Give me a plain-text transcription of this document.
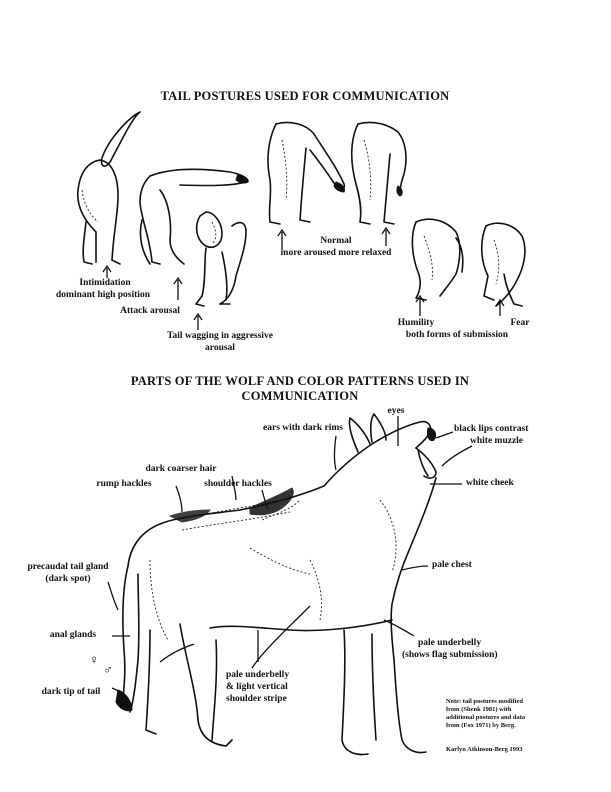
TAIL POSTURES USED FOR COMMUNICATION
Intimidation
dominant high position
Attack arousal
Tail wagging in aggressive
arousal
Normal
more aroused more relaxed
Humility
both forms of submission
Fear
PARTS OF THE WOLF AND COLOR PATTERNS USED IN
COMMUNICATION
eyes
ears with dark rims	black lips contrast
white muzzle
dark coarser hair
rump hackles	shoulder hackles	white cheek
precaudal tail gland
(dark spot)
pale chest
anal glands
pale underbelly
(shows flag submission)
♀
♂
dark tip of tail
pale underbelly
& light vertical
shoulder stripe	Note: tail postures modified
from (Shenk 1981) with
additional postures and data
from (Fox 1971) by Berg.
Karlyn Atkinson-Berg 1993
